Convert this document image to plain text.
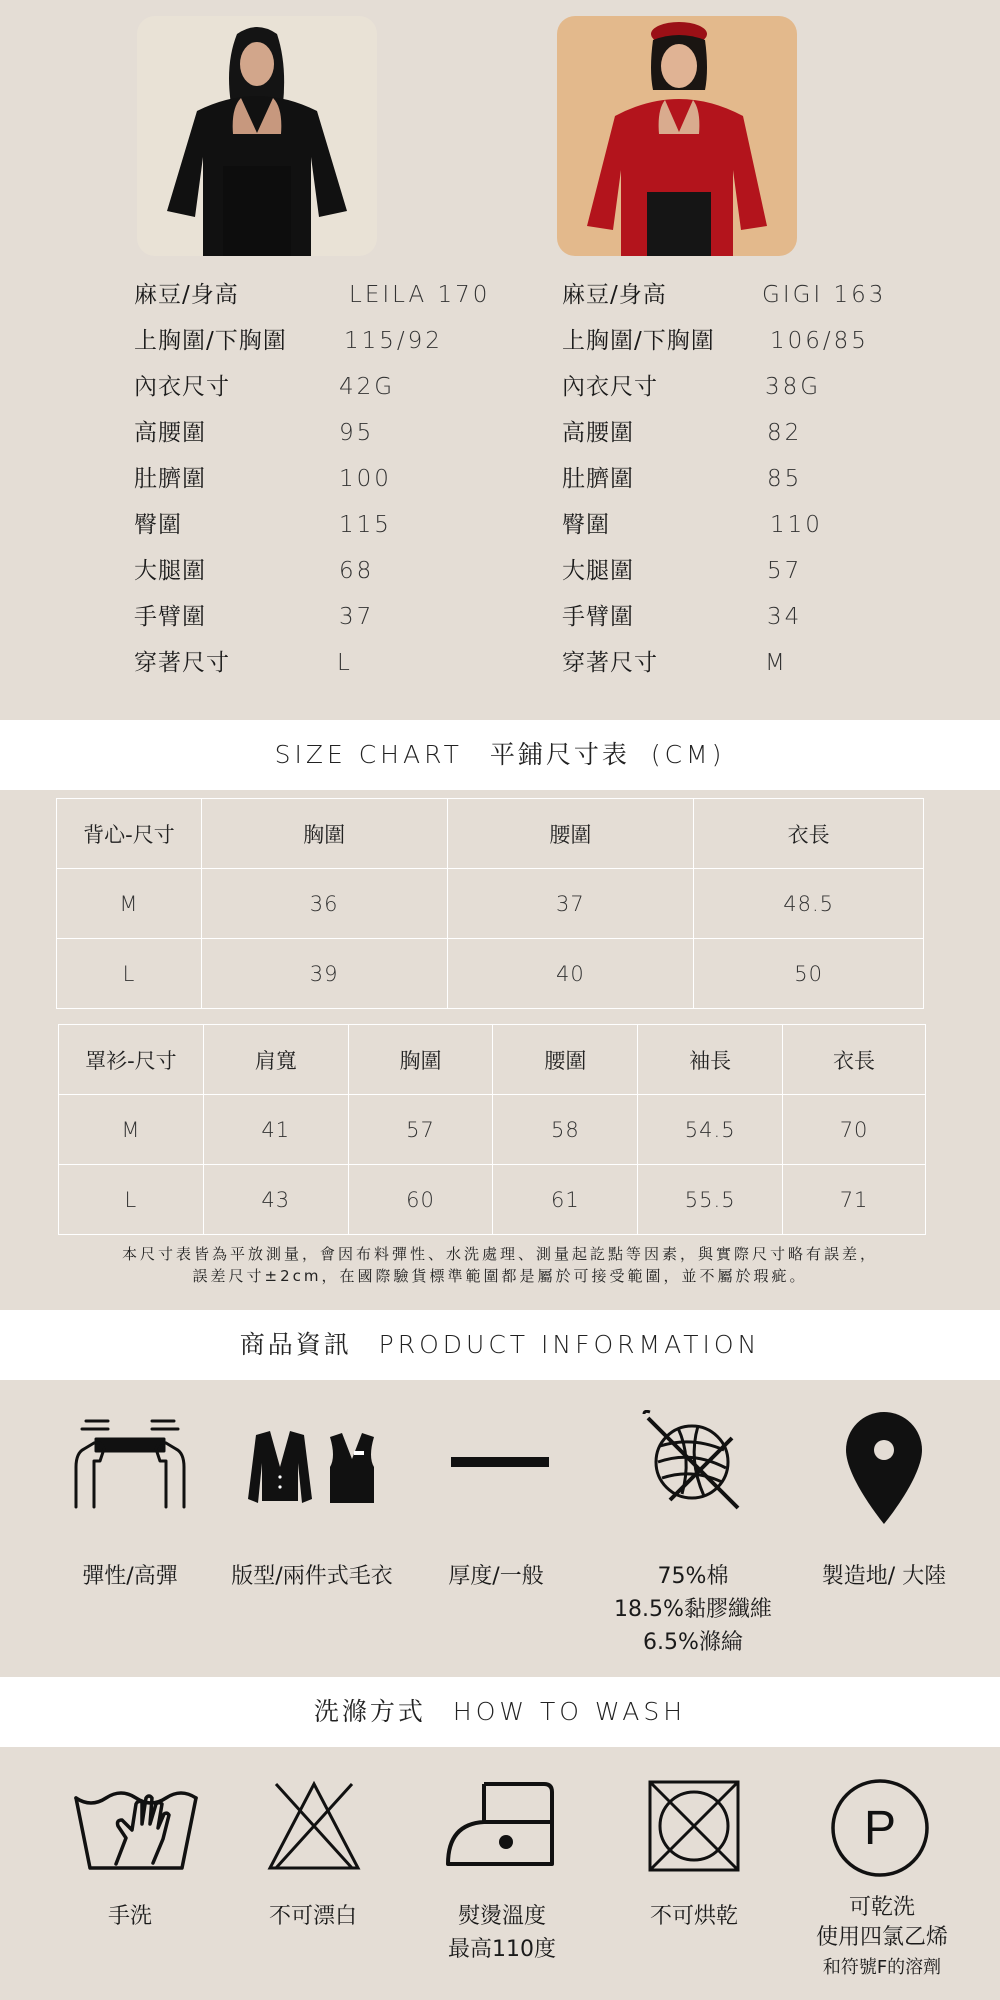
麻豆/身高	LEILA 170
上胸圍/下胸圍 115/92
內衣尺寸	42G
高腰圍	95
肚臍圍	100
臀圍	115
大腿圍	68
手臂圍	37
穿著尺寸	L
麻豆/身高	GIGI 163
上胸圍/下胸圍 106/85
內衣尺寸	38G
高腰圍	82
肚臍圍	85
臀圍	110
大腿圍	57
手臂圍	34
穿著尺寸	M
SIZE CHART 平鋪尺寸表 (CM)
背心-尺寸	胸圍	腰圍	衣長
M	36	37	48.5
L	39	40	50
罩衫-尺寸	肩寬	胸圍	腰圍	袖長	衣長
M	41	57	58	54.5	70
L	43	60	61	55.5	71
本尺寸表皆為平放測量，會因布料彈性、水洗處理、測量起訖點等因素，與實際尺寸略有誤差，
誤差尺寸±2cm，在國際驗貨標準範圍都是屬於可接受範圍，並不屬於瑕疵。
商品資訊 PRODUCT INFORMATION
彈性/高彈 版型/兩件式毛衣	厚度/一般	75%棉
18.5%黏膠纖維
6.5%滌綸
製造地/ 大陸
洗滌方式 HOW TO WASH
P
手洗	不可漂白	熨燙溫度
最高110度
不可烘乾	可乾洗
使用四氯乙烯
和符號F的溶劑
